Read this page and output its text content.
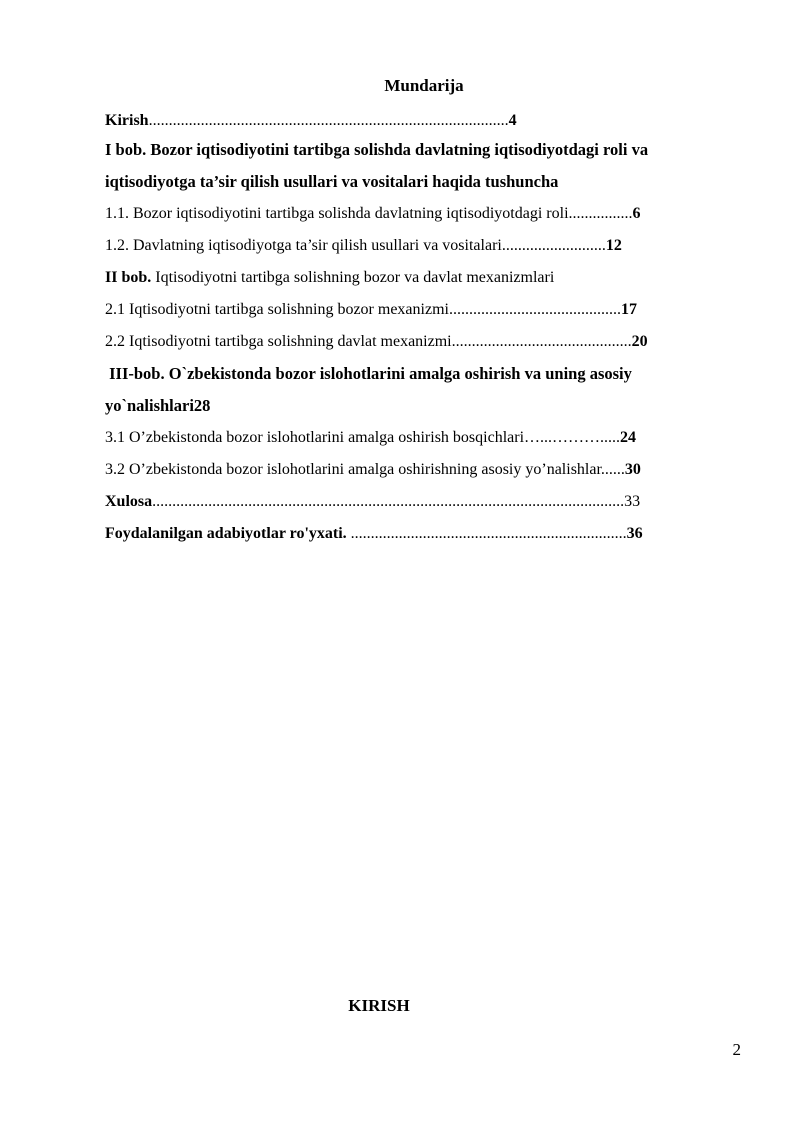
Mundarija
Kirish..........................................................................................4
I bob. Bozor iqtisodiyotini tartibga solishda davlatning iqtisodiyotdagi roli va
iqtisodiyotga ta’sir qilish usullari va vositalari haqida tushuncha
1.1. Bozor iqtisodiyotini tartibga solishda davlatning iqtisodiyotdagi roli................6
1.2. Davlatning iqtisodiyotga ta’sir qilish usullari va vositalari..........................12
II bob. Iqtisodiyotni tartibga solishning bozor va davlat mexanizmlari
2.1 Iqtisodiyotni tartibga solishning bozor mexanizmi...........................................17
2.2 Iqtisodiyotni tartibga solishning davlat mexanizmi.............................................20
III-bob. O`zbekistonda bozor islohotlarini amalga oshirish va uning asosiy
yo`nalishlari28
3.1 O’zbekistonda bozor islohotlarini amalga oshirish bosqichlari…...……….....24
3.2 O’zbekistonda bozor islohotlarini amalga oshirishning asosiy yo’nalishlar......30
Xulosa......................................................................................................................33
Foydalanilgan adabiyotlar ro'yxati. .....................................................................36
KIRISH
2
